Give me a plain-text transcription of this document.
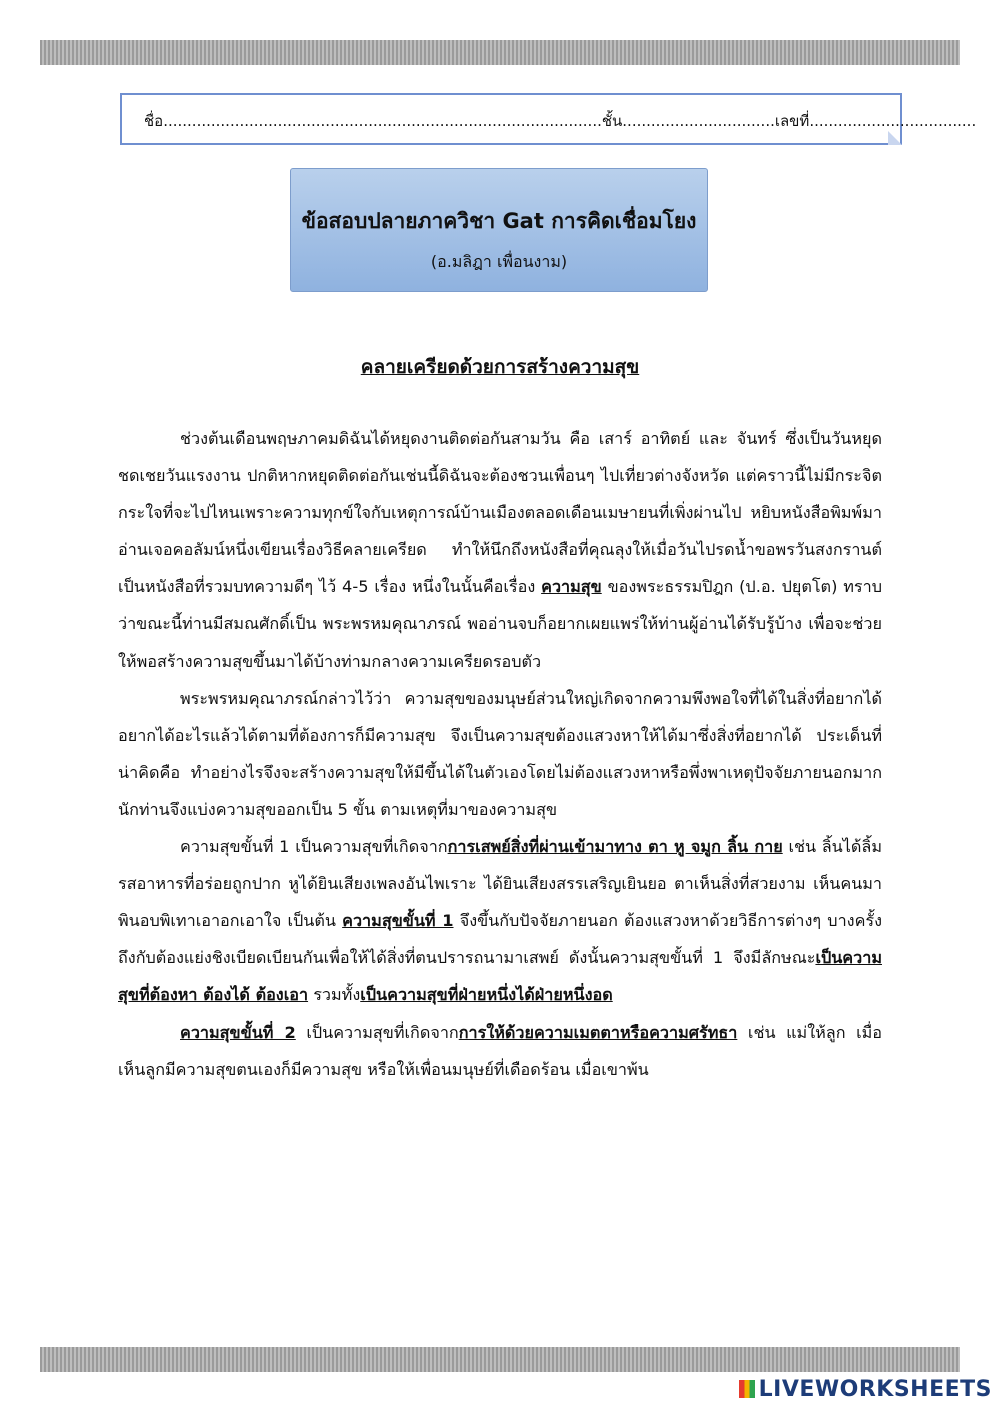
ชื่อ............................................................................................ชั้น................................เลขที่...................................
ข้อสอบปลายภาควิชา Gat การคิดเชื่อมโยง
(อ.มลิฎา เพื่อนงาม)
คลายเครียดด้วยการสร้างความสุข

ช่วงต้นเดือนพฤษภาคมดิฉันได้หยุดงานติดต่อกันสามวัน คือ เสาร์ อาทิตย์ และ จันทร์ ซึ่งเป็นวันหยุดชดเชยวันแรงงาน ปกติหากหยุดติดต่อกันเช่นนี้ดิฉันจะต้องชวนเพื่อนๆ ไปเที่ยวต่างจังหวัด แต่คราวนี้ไม่มีกระจิตกระใจที่จะไปไหนเพราะความทุกข์ใจกับเหตุการณ์บ้านเมืองตลอดเดือนเมษายนที่เพิ่งผ่านไป หยิบหนังสือพิมพ์มาอ่านเจอคอลัมน์หนึ่งเขียนเรื่องวิธีคลายเครียด ทำให้นึกถึงหนังสือที่คุณลุงให้เมื่อวันไปรดน้ำขอพรวันสงกรานต์ เป็นหนังสือที่รวมบทความดีๆ ไว้ 4-5 เรื่อง หนึ่งในนั้นคือเรื่อง ความสุข ของพระธรรมปิฎก (ป.อ. ปยุตโต) ทราบว่าขณะนี้ท่านมีสมณศักดิ์เป็น พระพรหมคุณาภรณ์ พออ่านจบก็อยากเผยแพร่ให้ท่านผู้อ่านได้รับรู้บ้าง เพื่อจะช่วยให้พอสร้างความสุขขึ้นมาได้บ้างท่ามกลางความเครียดรอบตัว

พระพรหมคุณาภรณ์กล่าวไว้ว่า ความสุขของมนุษย์ส่วนใหญ่เกิดจากความพึงพอใจที่ได้ในสิ่งที่อยากได้อยากได้อะไรแล้วได้ตามที่ต้องการก็มีความสุข จึงเป็นความสุขต้องแสวงหาให้ได้มาซึ่งสิ่งที่อยากได้ ประเด็นที่น่าคิดคือ ทำอย่างไรจึงจะสร้างความสุขให้มีขึ้นได้ในตัวเองโดยไม่ต้องแสวงหาหรือพึ่งพาเหตุปัจจัยภายนอกมากนักท่านจึงแบ่งความสุขออกเป็น 5 ขั้น ตามเหตุที่มาของความสุข

ความสุขขั้นที่ 1 เป็นความสุขที่เกิดจากการเสพย์สิ่งที่ผ่านเข้ามาทาง ตา หู จมูก ลิ้น กาย เช่น ลิ้นได้ลิ้มรสอาหารที่อร่อยถูกปาก หูได้ยินเสียงเพลงอันไพเราะ ได้ยินเสียงสรรเสริญเยินยอ ตาเห็นสิ่งที่สวยงาม เห็นคนมาพินอบพิเทาเอาอกเอาใจ เป็นต้น ความสุขขั้นที่ 1 จึงขึ้นกับปัจจัยภายนอก ต้องแสวงหาด้วยวิธีการต่างๆ บางครั้งถึงกับต้องแย่งชิงเบียดเบียนกันเพื่อให้ได้สิ่งที่ตนปรารถนามาเสพย์ ดังนั้นความสุขขั้นที่ 1 จึงมีลักษณะเป็นความสุขที่ต้องหา ต้องได้ ต้องเอา รวมทั้งเป็นความสุขที่ฝ่ายหนึ่งได้ฝ่ายหนึ่งอด

ความสุขขั้นที่ 2 เป็นความสุขที่เกิดจากการให้ด้วยความเมตตาหรือความศรัทธา เช่น แม่ให้ลูก เมื่อเห็นลูกมีความสุขตนเองก็มีความสุข หรือให้เพื่อนมนุษย์ที่เดือดร้อน เมื่อเขาพ้น

LIVEWORKSHEETS
